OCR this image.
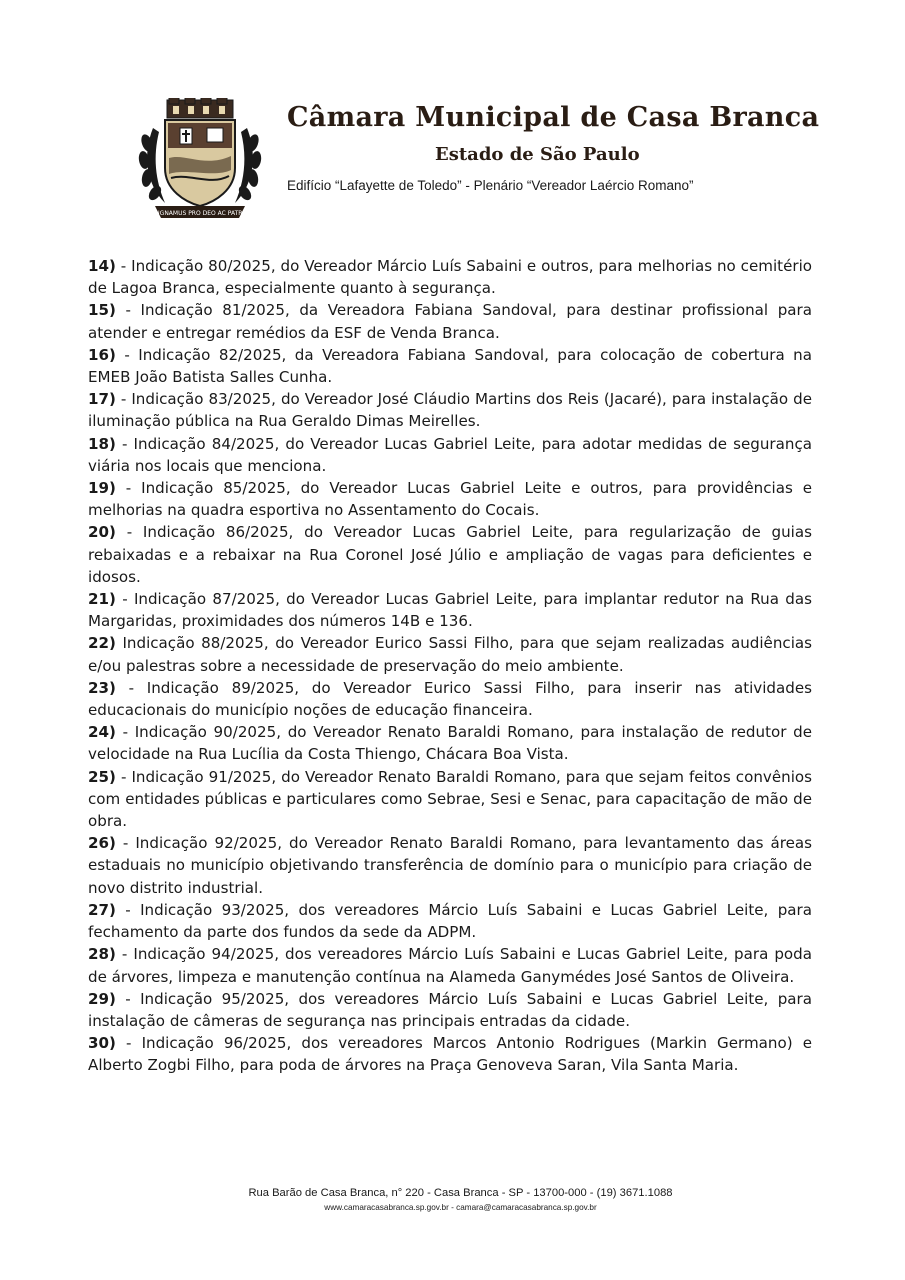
PUGNAMUS PRO DEO AC PATRIA
Câmara Municipal de Casa Branca
Estado de São Paulo
Edifício “Lafayette de Toledo” - Plenário “Vereador Laércio Romano”

14) - Indicação 80/2025, do Vereador Márcio Luís Sabaini e outros, para melhorias no cemitério de Lagoa Branca, especialmente quanto à segurança.

15) - Indicação 81/2025, da Vereadora Fabiana Sandoval, para destinar profissional para atender e entregar remédios da ESF de Venda Branca.

16) - Indicação 82/2025, da Vereadora Fabiana Sandoval, para colocação de cobertura na EMEB João Batista Salles Cunha.

17) - Indicação 83/2025, do Vereador José Cláudio Martins dos Reis (Jacaré), para instalação de iluminação pública na Rua Geraldo Dimas Meirelles.

18) - Indicação 84/2025, do Vereador Lucas Gabriel Leite, para adotar medidas de segurança viária nos locais que menciona.

19) - Indicação 85/2025, do Vereador Lucas Gabriel Leite e outros, para providências e melhorias na quadra esportiva no Assentamento do Cocais.

20) - Indicação 86/2025, do Vereador Lucas Gabriel Leite, para regularização de guias rebaixadas e a rebaixar na Rua Coronel José Júlio e ampliação de vagas para deficientes e idosos.

21) - Indicação 87/2025, do Vereador Lucas Gabriel Leite, para implantar redutor na Rua das Margaridas, proximidades dos números 14B e 136.

22) Indicação 88/2025, do Vereador Eurico Sassi Filho, para que sejam realizadas audiências e/ou palestras sobre a necessidade de preservação do meio ambiente.

23) - Indicação 89/2025, do Vereador Eurico Sassi Filho, para inserir nas atividades educacionais do município noções de educação financeira.

24) - Indicação 90/2025, do Vereador Renato Baraldi Romano, para instalação de redutor de velocidade na Rua Lucília da Costa Thiengo, Chácara Boa Vista.

25) - Indicação 91/2025, do Vereador Renato Baraldi Romano, para que sejam feitos convênios com entidades públicas e particulares como Sebrae, Sesi e Senac, para capacitação de mão de obra.

26) - Indicação 92/2025, do Vereador Renato Baraldi Romano, para levantamento das áreas estaduais no município objetivando transferência de domínio para o município para criação de novo distrito industrial.

27) - Indicação 93/2025, dos vereadores Márcio Luís Sabaini e Lucas Gabriel Leite, para fechamento da parte dos fundos da sede da ADPM.

28) - Indicação 94/2025, dos vereadores Márcio Luís Sabaini e Lucas Gabriel Leite, para poda de árvores, limpeza e manutenção contínua na Alameda Ganymédes José Santos de Oliveira.

29) - Indicação 95/2025, dos vereadores Márcio Luís Sabaini e Lucas Gabriel Leite, para instalação de câmeras de segurança nas principais entradas da cidade.

30) - Indicação 96/2025, dos vereadores Marcos Antonio Rodrigues (Markin Germano) e Alberto Zogbi Filho, para poda de árvores na Praça Genoveva Saran, Vila Santa Maria.

Rua Barão de Casa Branca, n° 220 - Casa Branca - SP - 13700-000 - (19) 3671.1088
www.camaracasabranca.sp.gov.br - camara@camaracasabranca.sp.gov.br
